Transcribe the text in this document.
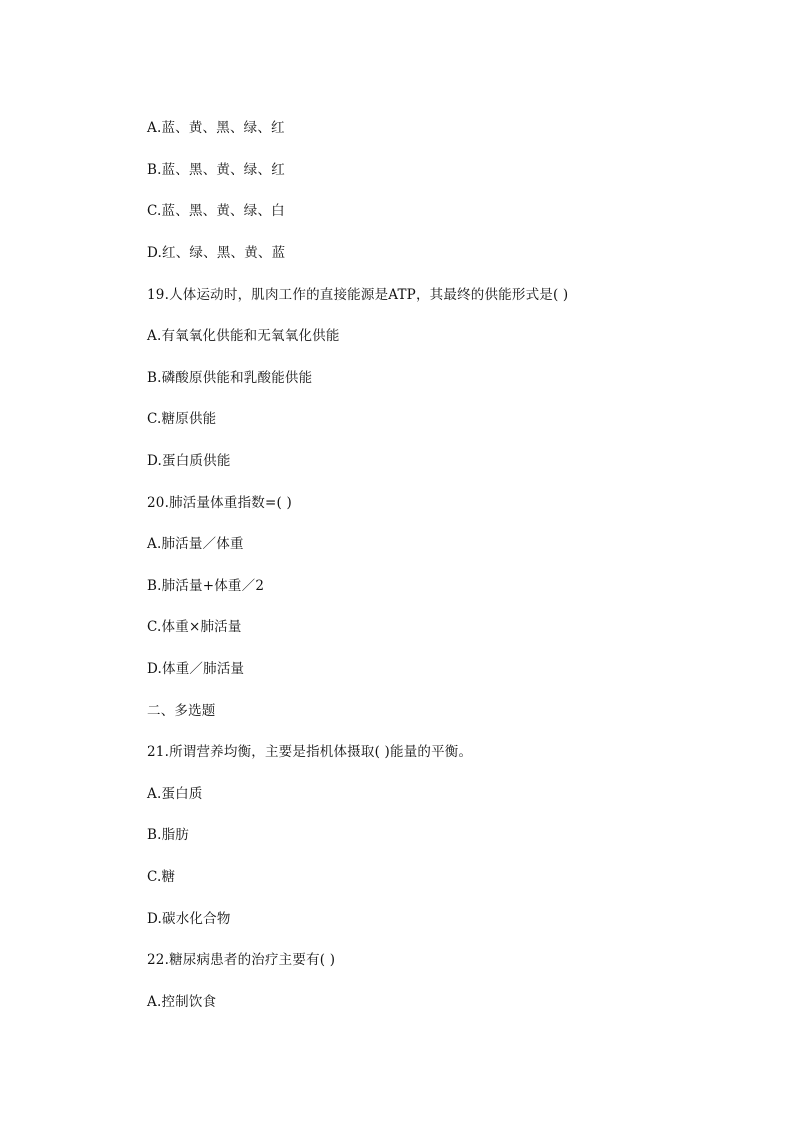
A.蓝、黄、黑、绿、红
B.蓝、黑、黄、绿、红
C.蓝、黑、黄、绿、白
D.红、绿、黑、黄、蓝
19.人体运动时，肌肉工作的直接能源是ATP，其最终的供能形式是( )
A.有氧氧化供能和无氧氧化供能
B.磷酸原供能和乳酸能供能
C.糖原供能
D.蛋白质供能
20.肺活量体重指数=( )
A.肺活量／体重
B.肺活量+体重／2
C.体重×肺活量
D.体重／肺活量
二、多选题
21.所谓营养均衡，主要是指机体摄取( )能量的平衡。
A.蛋白质
B.脂肪
C.糖
D.碳水化合物
22.糖尿病患者的治疗主要有( )
A.控制饮食
